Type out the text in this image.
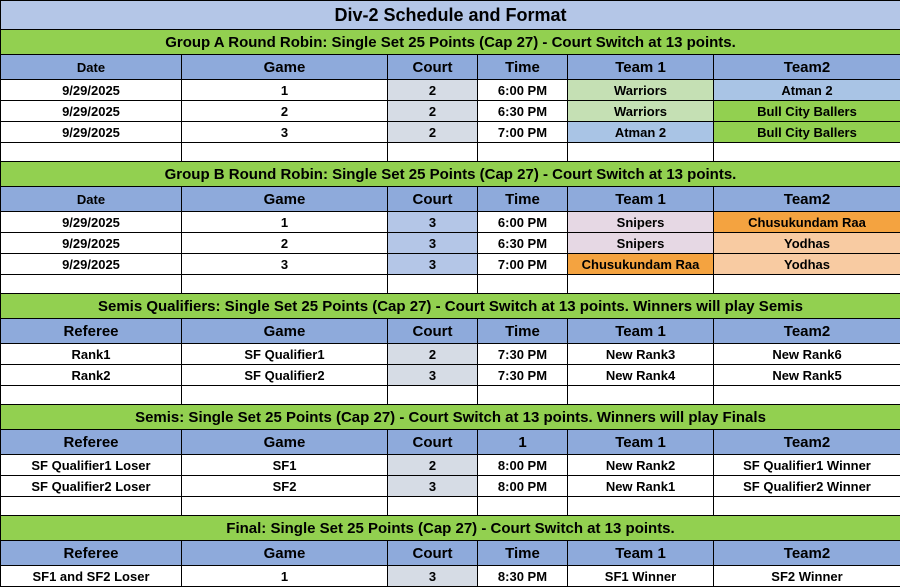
Div-2 Schedule and Format					
Group A Round Robin: Single Set 25 Points (Cap 27) - Court Switch at 13 points.					
Date	Game	Court	Time	Team 1	Team2
9/29/2025	1	2	6:00 PM	Warriors	Atman 2
9/29/2025	2	2	6:30 PM	Warriors	Bull City Ballers
9/29/2025	3	2	7:00 PM	Atman 2	Bull City Ballers

Group B Round Robin: Single Set 25 Points (Cap 27) - Court Switch at 13 points.					
Date	Game	Court	Time	Team 1	Team2
9/29/2025	1	3	6:00 PM	Snipers	Chusukundam Raa
9/29/2025	2	3	6:30 PM	Snipers	Yodhas
9/29/2025	3	3	7:00 PM	Chusukundam Raa	Yodhas

Semis Qualifiers: Single Set 25 Points (Cap 27) - Court Switch at 13 points. Winners will play Semis					
Referee	Game	Court	Time	Team 1	Team2
Rank1	SF Qualifier1	2	7:30 PM	New Rank3	New Rank6
Rank2	SF Qualifier2	3	7:30 PM	New Rank4	New Rank5

Semis: Single Set 25 Points (Cap 27) - Court Switch at 13 points. Winners will play Finals					
Referee	Game	Court	1	Team 1	Team2
SF Qualifier1 Loser	SF1	2	8:00 PM	New Rank2	SF Qualifier1 Winner
SF Qualifier2 Loser	SF2	3	8:00 PM	New Rank1	SF Qualifier2 Winner

Final: Single Set 25 Points (Cap 27) - Court Switch at 13 points.					
Referee	Game	Court	Time	Team 1	Team2
SF1 and SF2 Loser	1	3	8:30 PM	SF1 Winner	SF2 Winner
